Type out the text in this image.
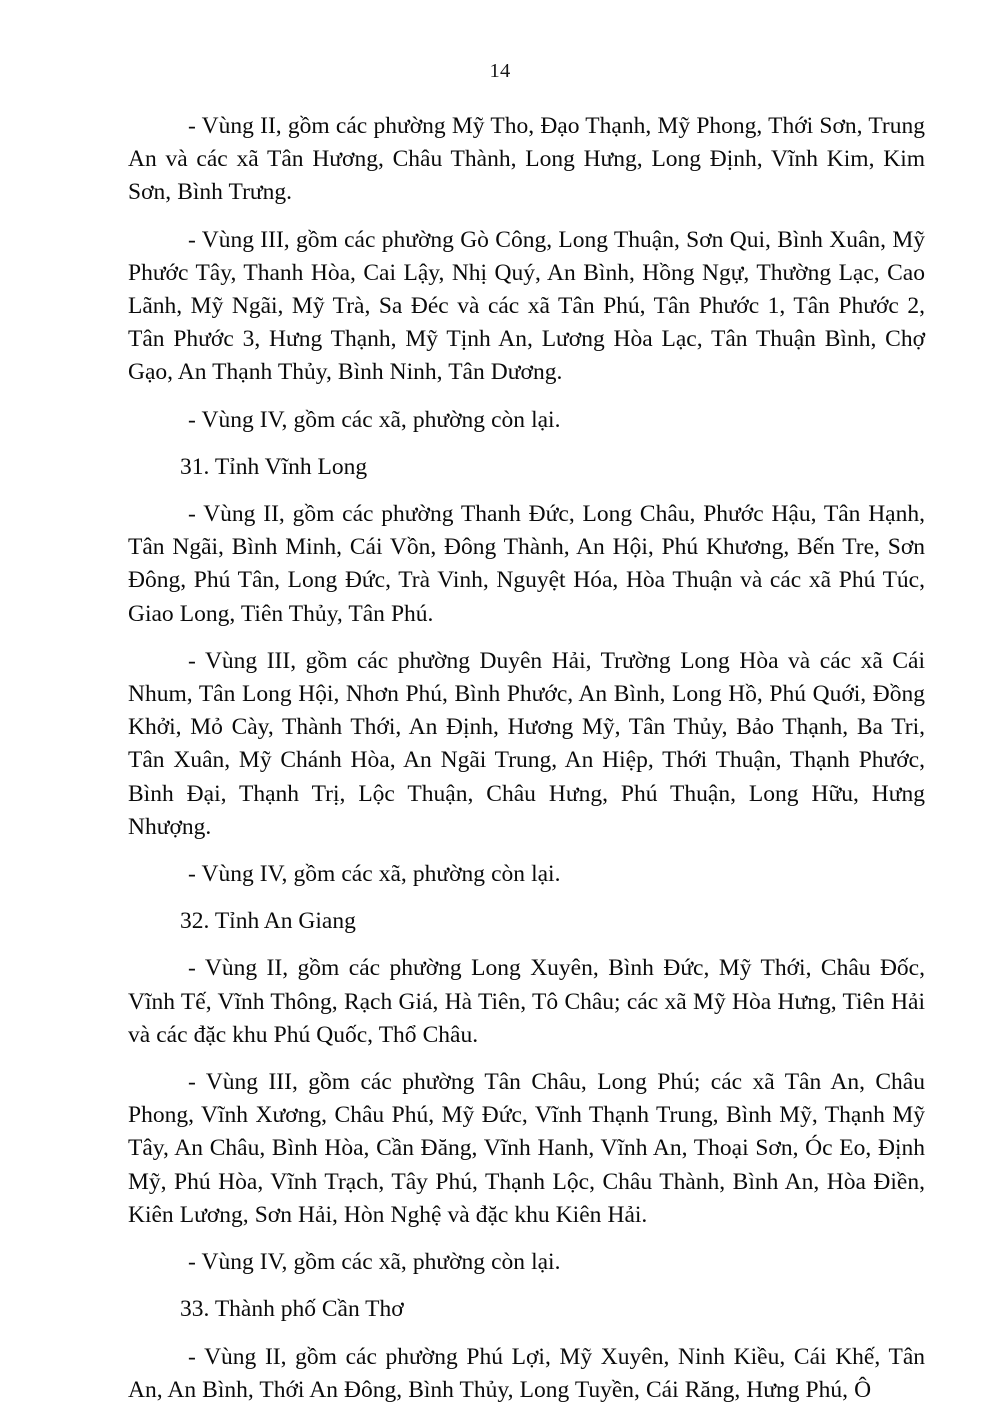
14

- Vùng II, gồm các phường Mỹ Tho, Đạo Thạnh, Mỹ Phong, Thới Sơn, Trung An và các xã Tân Hương, Châu Thành, Long Hưng, Long Định, Vĩnh Kim, Kim Sơn, Bình Trưng.

- Vùng III, gồm các phường Gò Công, Long Thuận, Sơn Qui, Bình Xuân, Mỹ Phước Tây, Thanh Hòa, Cai Lậy, Nhị Quý, An Bình, Hồng Ngự, Thường Lạc, Cao Lãnh, Mỹ Ngãi, Mỹ Trà, Sa Đéc và các xã Tân Phú, Tân Phước 1, Tân Phước 2, Tân Phước 3, Hưng Thạnh, Mỹ Tịnh An, Lương Hòa Lạc, Tân Thuận Bình, Chợ Gạo, An Thạnh Thủy, Bình Ninh, Tân Dương.

- Vùng IV, gồm các xã, phường còn lại.

31. Tỉnh Vĩnh Long

- Vùng II, gồm các phường Thanh Đức, Long Châu, Phước Hậu, Tân Hạnh, Tân Ngãi, Bình Minh, Cái Vồn, Đông Thành, An Hội, Phú Khương, Bến Tre, Sơn Đông, Phú Tân, Long Đức, Trà Vinh, Nguyệt Hóa, Hòa Thuận và các xã Phú Túc, Giao Long, Tiên Thủy, Tân Phú.

- Vùng III, gồm các phường Duyên Hải, Trường Long Hòa và các xã Cái Nhum, Tân Long Hội, Nhơn Phú, Bình Phước, An Bình, Long Hồ, Phú Quới, Đồng Khởi, Mỏ Cày, Thành Thới, An Định, Hương Mỹ, Tân Thủy, Bảo Thạnh, Ba Tri, Tân Xuân, Mỹ Chánh Hòa, An Ngãi Trung, An Hiệp, Thới Thuận, Thạnh Phước, Bình Đại, Thạnh Trị, Lộc Thuận, Châu Hưng, Phú Thuận, Long Hữu, Hưng Nhượng.

- Vùng IV, gồm các xã, phường còn lại.

32. Tỉnh An Giang

- Vùng II, gồm các phường Long Xuyên, Bình Đức, Mỹ Thới, Châu Đốc, Vĩnh Tế, Vĩnh Thông, Rạch Giá, Hà Tiên, Tô Châu; các xã Mỹ Hòa Hưng, Tiên Hải và các đặc khu Phú Quốc, Thổ Châu.

- Vùng III, gồm các phường Tân Châu, Long Phú; các xã Tân An, Châu Phong, Vĩnh Xương, Châu Phú, Mỹ Đức, Vĩnh Thạnh Trung, Bình Mỹ, Thạnh Mỹ Tây, An Châu, Bình Hòa, Cần Đăng, Vĩnh Hanh, Vĩnh An, Thoại Sơn, Óc Eo, Định Mỹ, Phú Hòa, Vĩnh Trạch, Tây Phú, Thạnh Lộc, Châu Thành, Bình An, Hòa Điền, Kiên Lương, Sơn Hải, Hòn Nghệ và đặc khu Kiên Hải.

- Vùng IV, gồm các xã, phường còn lại.

33. Thành phố Cần Thơ

- Vùng II, gồm các phường Phú Lợi, Mỹ Xuyên, Ninh Kiều, Cái Khế, Tân An, An Bình, Thới An Đông, Bình Thủy, Long Tuyền, Cái Răng, Hưng Phú, Ô
